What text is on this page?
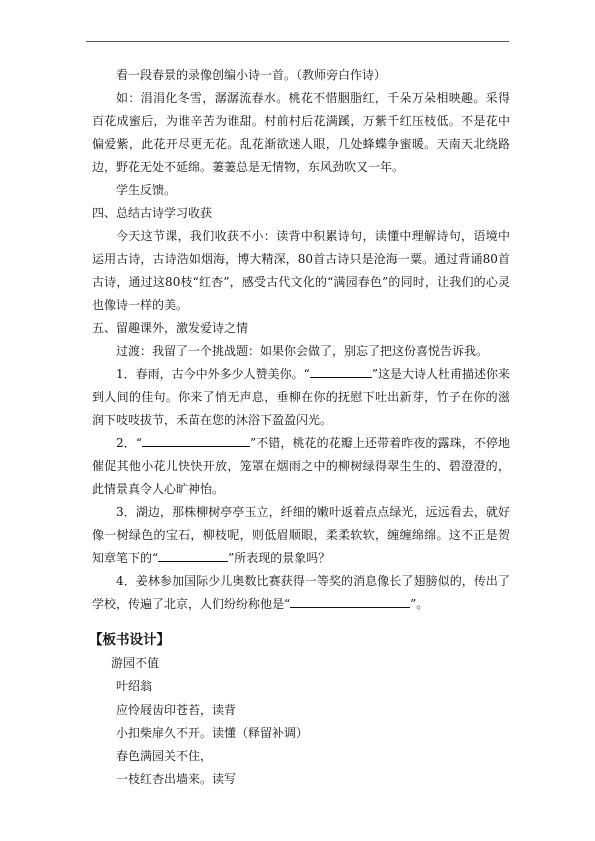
看一段春景的录像创编小诗一首。（教师旁白作诗）

如：涓涓化冬雪，潺潺流春水。桃花不惜胭脂红，千朵万朵相映趣。采得百花成蜜后，为谁辛苦为谁甜。村前村后花满蹊，万紫千红压枝低。不是花中偏爱紫，此花开尽更无花。乱花渐欲迷人眼，几处蜂蝶争蜜暖。天南天北绕路边，野花无处不延绵。萋萋总是无情物，东风劲吹又一年。

学生反馈。

四、总结古诗学习收获

今天这节课，我们收获不小：读背中积累诗句，读懂中理解诗句，语境中运用古诗，古诗浩如烟海，博大精深，80首古诗只是沧海一粟。通过背诵80首古诗，通过这80枝“红杏”，感受古代文化的“满园春色”的同时，让我们的心灵也像诗一样的美。

五、留趣课外，激发爱诗之情

过渡：我留了一个挑战题：如果你会做了，别忘了把这份喜悦告诉我。

1．春雨，古今中外多少人赞美你。“	”这是大诗人杜甫描述你来到人间的佳句。你来了悄无声息，垂柳在你的抚慰下吐出新芽，竹子在你的滋润下吱吱拔节，禾苗在您的沐浴下盈盈闪光。

2．“	”不错，桃花的花瓣上还带着昨夜的露珠，不停地催促其他小花儿快快开放，笼罩在烟雨之中的柳树绿得翠生生的、碧澄澄的，此情景真令人心旷神怡。

3．湖边，那株柳树亭亭玉立，纤细的嫩叶返着点点绿光，远远看去，就好像一树绿色的宝石，柳枝呢，则低眉顺眼，柔柔软软，缠缠绵绵。这不正是贺知章笔下的“	”所表现的景象吗？

4．姜林参加国际少儿奥数比赛获得一等奖的消息像长了翅膀似的，传出了学校，传遍了北京，人们纷纷称他是“	”。

【板书设计】
游园不值
叶绍翁
应怜屐齿印苍苔，读背
小扣柴扉久不开。读懂（释留补调）
春色满园关不住，
一枝红杏出墙来。读写
